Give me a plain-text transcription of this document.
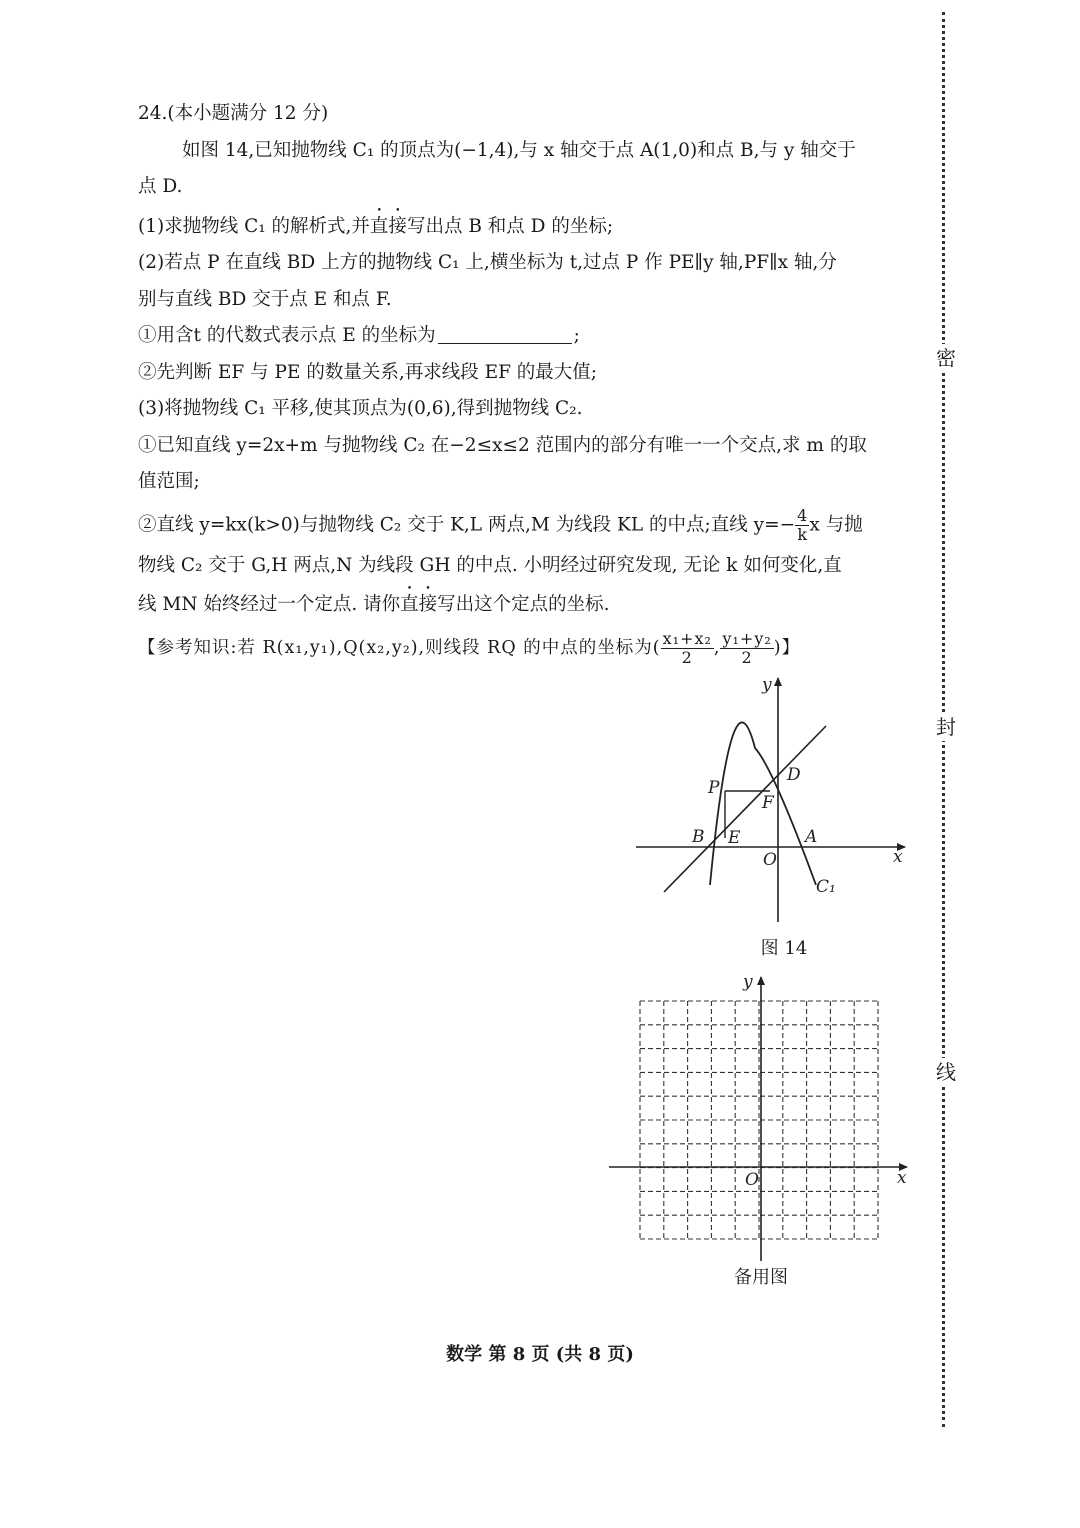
密
封
线
24.(本小题满分 12 分)
如图 14,已知抛物线 C₁ 的顶点为(−1,4),与 x 轴交于点 A(1,0)和点 B,与 y 轴交于
点 D.
(1)求抛物线 C₁ 的解析式,并直接写出点 B 和点 D 的坐标;
(2)若点 P 在直线 BD 上方的抛物线 C₁ 上,横坐标为 t,过点 P 作 PE∥y 轴,PF∥x 轴,分
别与直线 BD 交于点 E 和点 F.
①用含t 的代数式表示点 E 的坐标为	;
②先判断 EF 与 PE 的数量关系,再求线段 EF 的最大值;
(3)将抛物线 C₁ 平移,使其顶点为(0,6),得到抛物线 C₂.
①已知直线 y=2x+m 与抛物线 C₂ 在−2≤x≤2 范围内的部分有唯一一个交点,求 m 的取
值范围;
②直线 y=kx(k>0)与抛物线 C₂ 交于 K,L 两点,M 为线段 KL 的中点;直线 $y=- \frac{4}{k}$ x 与抛
物线 C₂ 交于 G,H 两点,N 为线段 GH 的中点. 小明经过研究发现, 无论 k 如何变化,直
线 MN 始终经过一个定点. 请你直接写出这个定点的坐标.
【参考知识:若 R(x₁,y₁),Q(x₂,y₂),则线段 RQ 的中点的坐标为( $\frac{\text{x₁+x₂}}{2}$ , $\frac{\text{y₁+y₂}}{2}$ )】
y
x
O
A
B
D
E
F
P
C₁
图 14
y
x
O
备用图
数学 第 8 页 (共 8 页)
